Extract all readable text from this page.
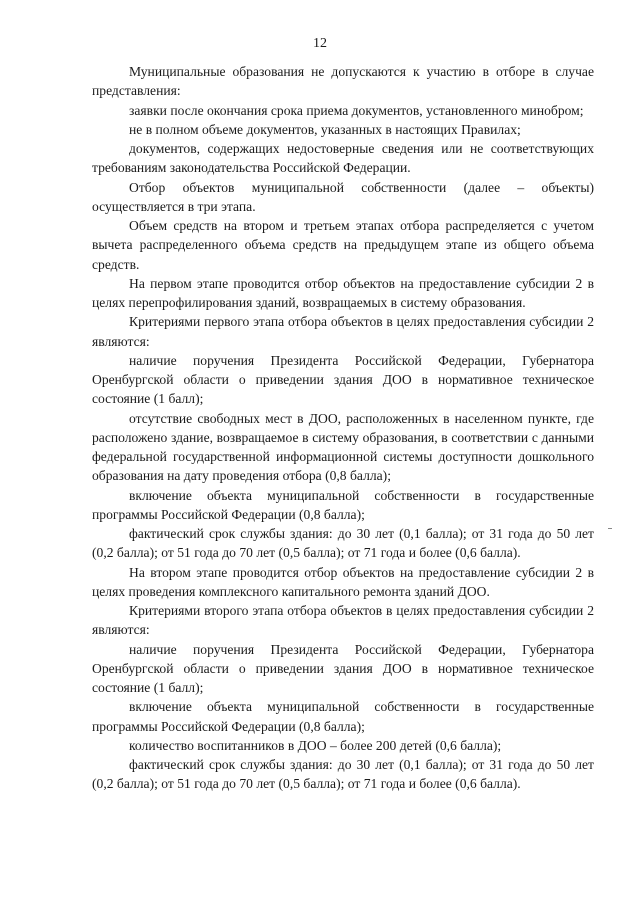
12

Муниципальные образования не допускаются к участию в отборе в случае представления:

заявки после окончания срока приема документов, установленного минобром;

не в полном объеме документов, указанных в настоящих Правилах;

документов, содержащих недостоверные сведения или не соответствующих требованиям законодательства Российской Федерации.

Отбор объектов муниципальной собственности (далее – объекты) осуществляется в три этапа.

Объем средств на втором и третьем этапах отбора распределяется с учетом вычета распределенного объема средств на предыдущем этапе из общего объема средств.

На первом этапе проводится отбор объектов на предоставление субсидии 2 в целях перепрофилирования зданий, возвращаемых в систему образования.

Критериями первого этапа отбора объектов в целях предоставления субсидии 2 являются:

наличие поручения Президента Российской Федерации, Губернатора Оренбургской области о приведении здания ДОО в нормативное техническое состояние (1 балл);

отсутствие свободных мест в ДОО, расположенных в населенном пункте, где расположено здание, возвращаемое в систему образования, в соответствии с данными федеральной государственной информационной системы доступности дошкольного образования на дату проведения отбора (0,8 балла);

включение объекта муниципальной собственности в государственные программы Российской Федерации (0,8 балла);

фактический срок службы здания: до 30 лет (0,1 балла); от 31 года до 50 лет (0,2 балла); от 51 года до 70 лет (0,5 балла); от 71 года и более (0,6 балла).

На втором этапе проводится отбор объектов на предоставление субсидии 2 в целях проведения комплексного капитального ремонта зданий ДОО.

Критериями второго этапа отбора объектов в целях предоставления субсидии 2 являются:

наличие поручения Президента Российской Федерации, Губернатора Оренбургской области о приведении здания ДОО в нормативное техническое состояние (1 балл);

включение объекта муниципальной собственности в государственные программы Российской Федерации (0,8 балла);

количество воспитанников в ДОО – более 200 детей (0,6 балла);

фактический срок службы здания: до 30 лет (0,1 балла); от 31 года до 50 лет (0,2 балла); от 51 года до 70 лет (0,5 балла); от 71 года и более (0,6 балла).
